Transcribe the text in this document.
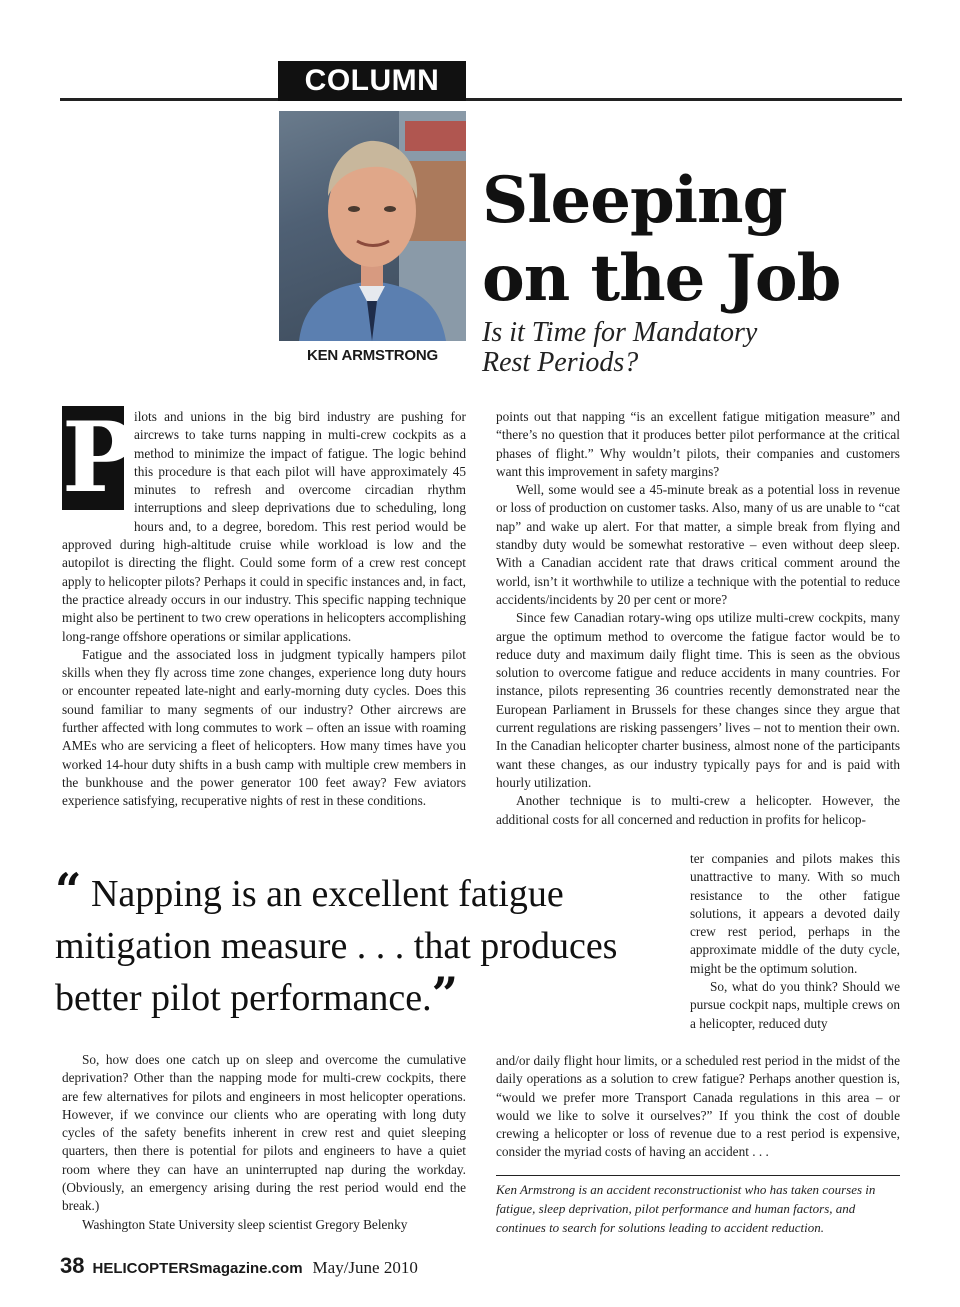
COLUMN
KEN ARMSTRONG
Sleeping
on the Job
Is it Time for Mandatory
Rest Periods?
P ilots and unions in the big bird industry are pushing for aircrews to take turns napping in multi-crew cockpits as a method to minimize the impact of fatigue. The logic behind this procedure is that each pilot will have approximately 45 minutes to refresh and overcome circadian rhythm interruptions and sleep deprivations due to scheduling, long hours and, to a degree, boredom. This rest period would be approved during high-altitude cruise while workload is low and the autopilot is directing the flight. Could some form of a crew rest concept apply to helicopter pilots? Perhaps it could in specific instances and, in fact, the practice already occurs in our industry. This specific napping technique might also be pertinent to two crew operations in helicopters accomplishing long-range offshore operations or similar applications.

Fatigue and the associated loss in judgment typically hampers pilot skills when they fly across time zone changes, experience long duty hours or encounter repeated late-night and early-morning duty cycles. Does this sound familiar to many segments of our industry? Other aircrews are further affected with long commutes to work – often an issue with roaming AMEs who are servicing a fleet of helicopters. How many times have you worked 14-hour duty shifts in a bush camp with multiple crew members in the bunkhouse and the power generator 100 feet away? Few aviators experience satisfying, recuperative nights of rest in these conditions.

“ Napping is an excellent fatigue
mitigation measure . . . that produces
better pilot performance.”

So, how does one catch up on sleep and overcome the cumulative deprivation? Other than the napping mode for multi-crew cockpits, there are few alternatives for pilots and engineers in most helicopter operations. However, if we convince our clients who are operating with long duty cycles of the safety benefits inherent in crew rest and quiet sleeping quarters, then there is potential for pilots and engineers to have a quiet room where they can have an uninterrupted nap during the workday. (Obviously, an emergency arising during the rest period would end the break.)

Washington State University sleep scientist Gregory Belenky

points out that napping “is an excellent fatigue mitigation measure” and “there’s no question that it produces better pilot performance at the critical phases of flight.” Why wouldn’t pilots, their companies and customers want this improvement in safety margins?

Well, some would see a 45-minute break as a potential loss in revenue or loss of production on customer tasks. Also, many of us are unable to “cat nap” and wake up alert. For that matter, a simple break from flying and standby duty would be somewhat restorative – even without deep sleep. With a Canadian accident rate that draws critical comment around the world, isn’t it worthwhile to utilize a technique with the potential to reduce accidents/incidents by 20 per cent or more?

Since few Canadian rotary-wing ops utilize multi-crew cockpits, many argue the optimum method to overcome the fatigue factor would be to reduce duty and maximum daily flight time. This is seen as the obvious solution to overcome fatigue and reduce accidents in many countries. For instance, pilots representing 36 countries recently demonstrated near the European Parliament in Brussels for these changes since they argue that current regulations are risking passengers’ lives – not to mention their own. In the Canadian helicopter charter business, almost none of the participants want these changes, as our industry typically pays for and is paid with hourly utilization.

Another technique is to multi-crew a helicopter. However, the additional costs for all concerned and reduction in profits for helicop-

ter companies and pilots makes this unattractive to many. With so much resistance to the other fatigue solutions, it appears a devoted daily crew rest period, perhaps in the approximate middle of the duty cycle, might be the optimum solution.

So, what do you think? Should we pursue cockpit naps, multiple crews on a helicopter, reduced duty

and/or daily flight hour limits, or a scheduled rest period in the midst of the daily operations as a solution to crew fatigue? Perhaps another question is, “would we prefer more Transport Canada regulations in this area – or would we like to solve it ourselves?” If you think the cost of double crewing a helicopter or loss of revenue due to a rest period is expensive, consider the myriad costs of having an accident . . .

Ken Armstrong is an accident reconstructionist who has taken courses in fatigue, sleep deprivation, pilot performance and human factors, and continues to search for solutions leading to accident reduction.
38 HELICOPTERSmagazine.com May/June 2010
